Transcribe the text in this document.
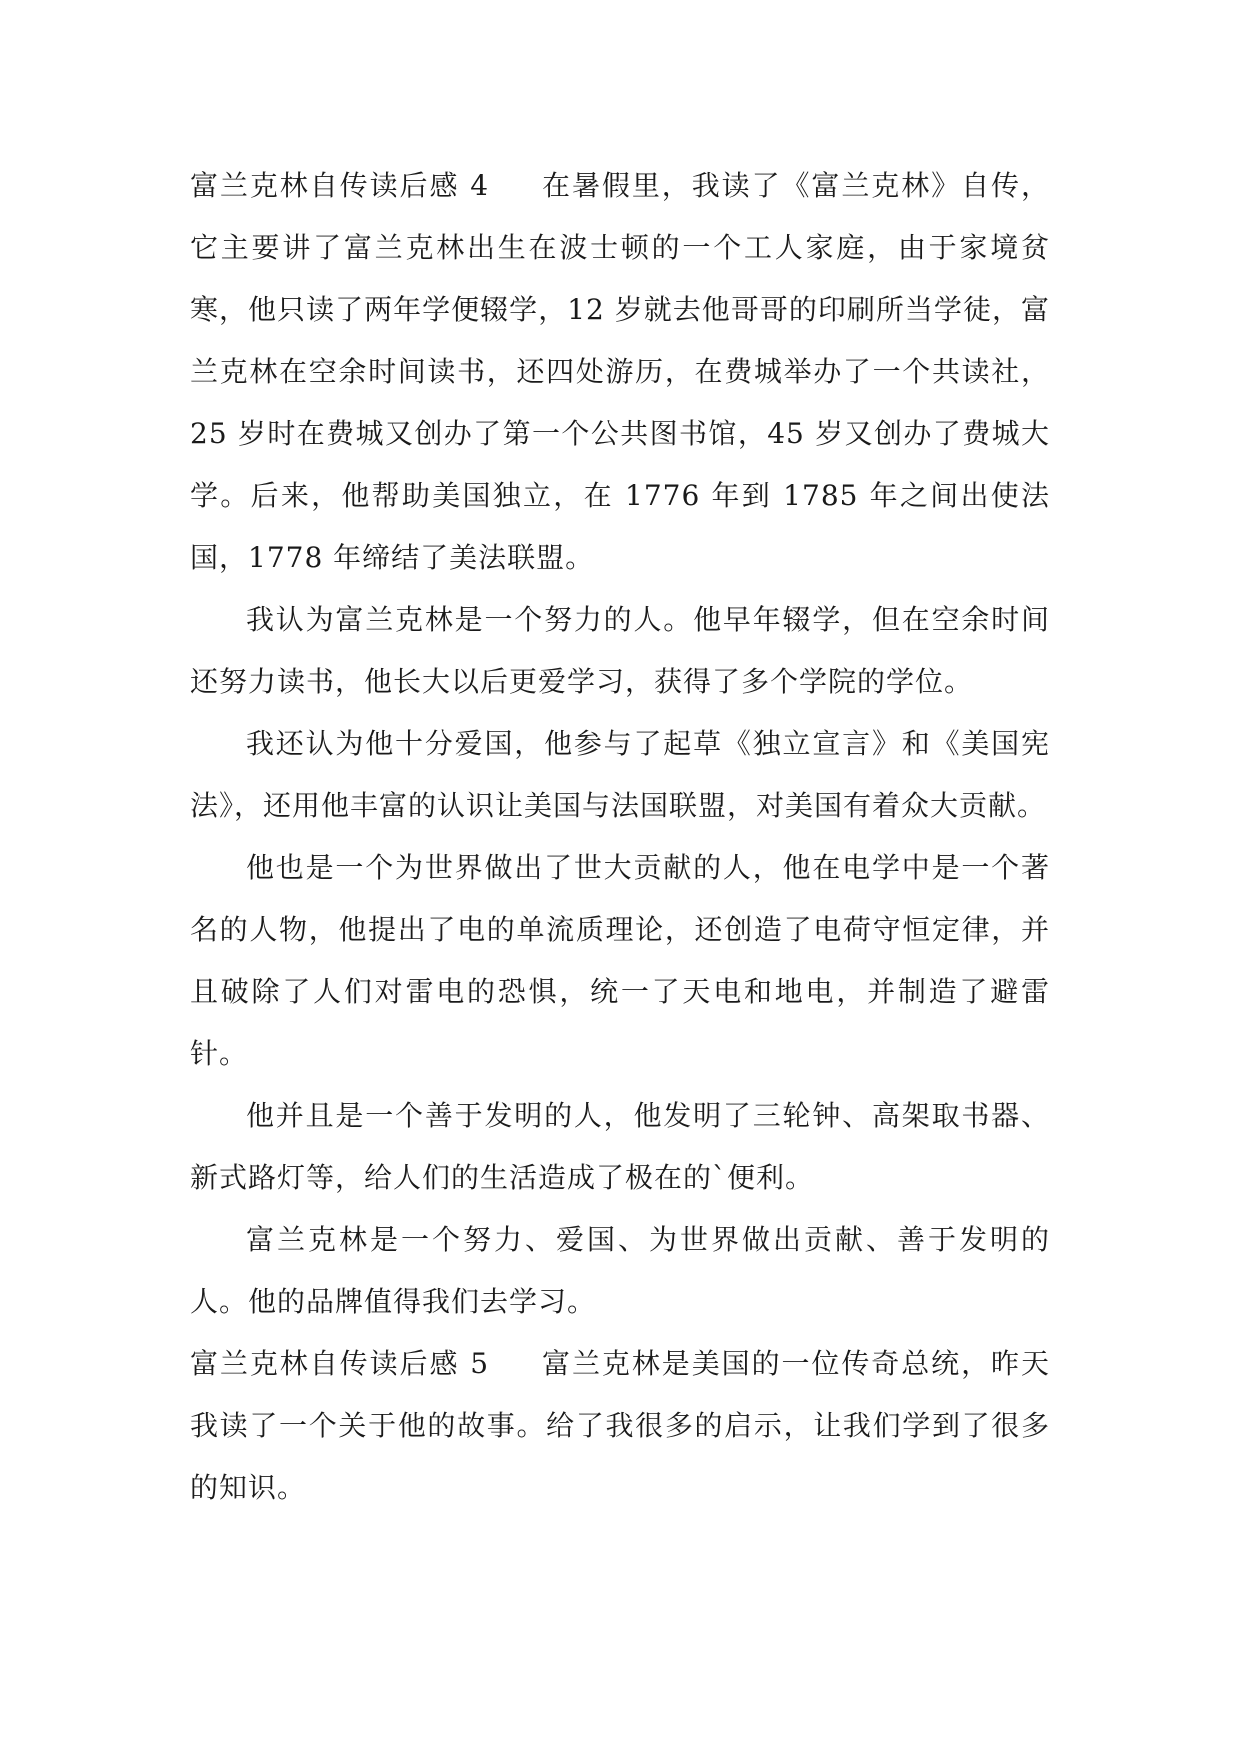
富兰克林自传读后感 4 在暑假里，我读了《富兰克林》自传，它主要讲了富兰克林出生在波士顿的一个工人家庭，由于家境贫寒，他只读了两年学便辍学，12 岁就去他哥哥的印刷所当学徒，富兰克林在空余时间读书，还四处游历，在费城举办了一个共读社，25 岁时在费城又创办了第一个公共图书馆，45 岁又创办了费城大学。后来，他帮助美国独立，在 1776 年到 1785 年之间出使法国，1778 年缔结了美法联盟。

我认为富兰克林是一个努力的人。他早年辍学，但在空余时间还努力读书，他长大以后更爱学习，获得了多个学院的学位。

我还认为他十分爱国，他参与了起草《独立宣言》和《美国宪法》，还用他丰富的认识让美国与法国联盟，对美国有着众大贡献。

他也是一个为世界做出了世大贡献的人，他在电学中是一个著名的人物，他提出了电的单流质理论，还创造了电荷守恒定律，并且破除了人们对雷电的恐惧，统一了天电和地电，并制造了避雷针。

他并且是一个善于发明的人，他发明了三轮钟、高架取书器、新式路灯等，给人们的生活造成了极在的`便利。

富兰克林是一个努力、爱国、为世界做出贡献、善于发明的人。他的品牌值得我们去学习。

富兰克林自传读后感 5 富兰克林是美国的一位传奇总统，昨天我读了一个关于他的故事。给了我很多的启示，让我们学到了很多的知识。
